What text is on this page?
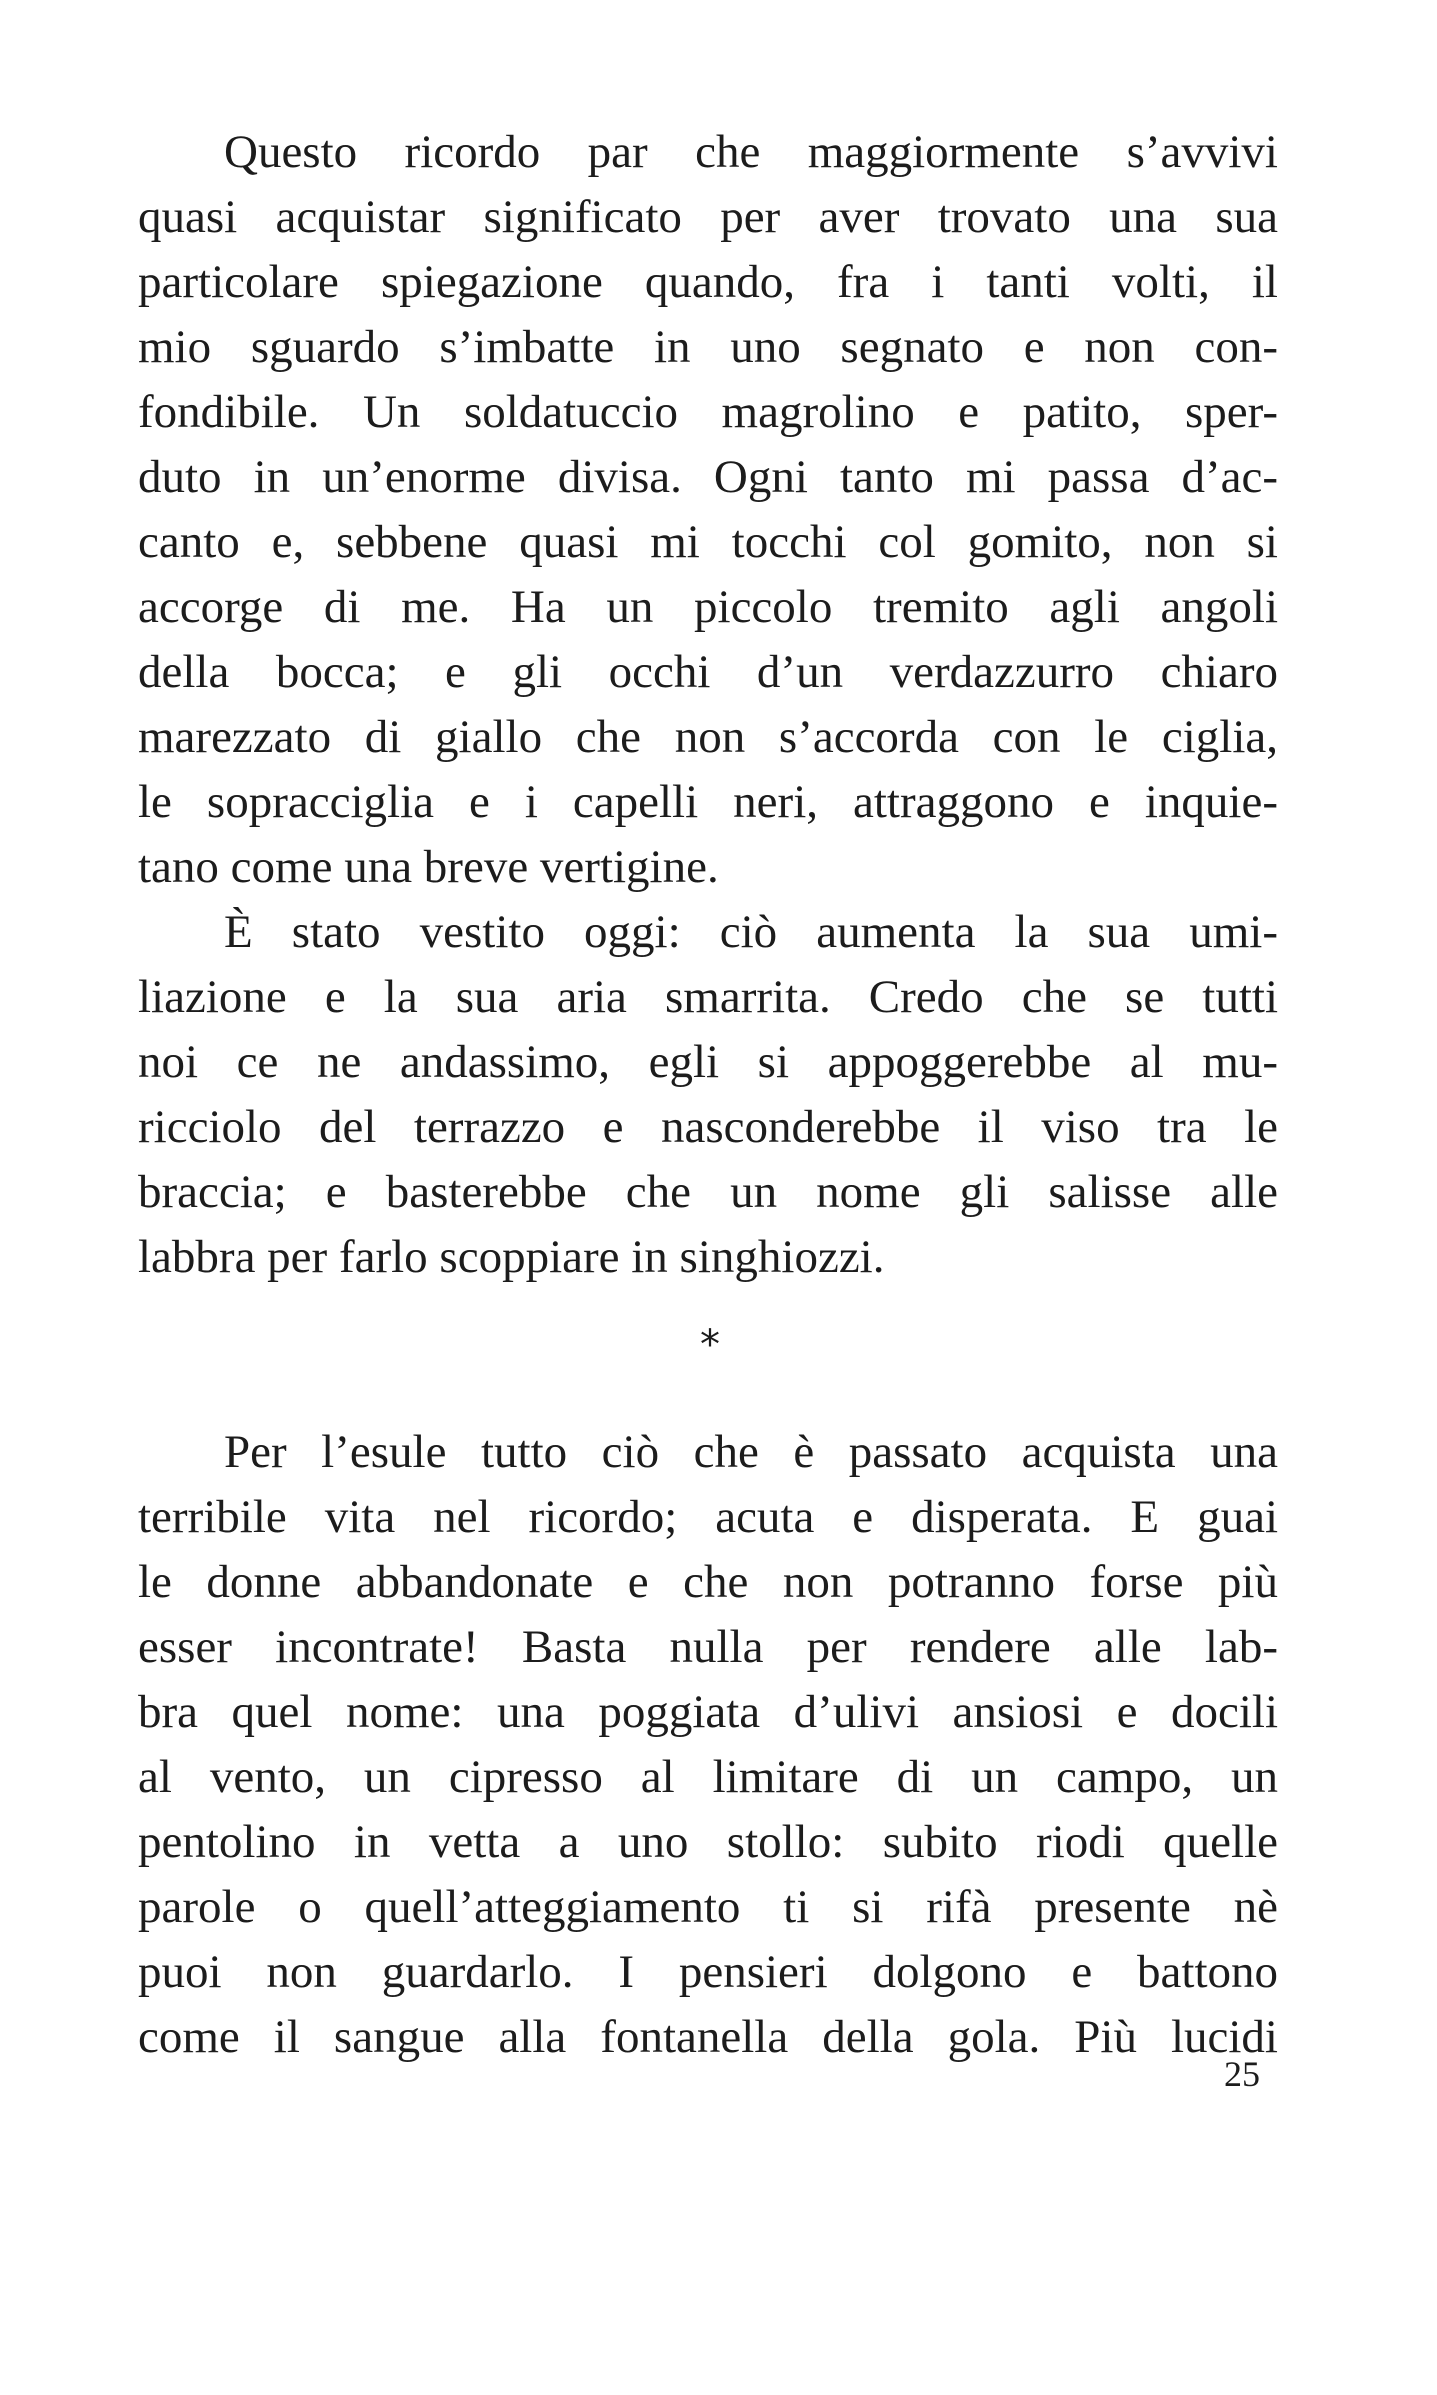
Questo ricordo par che maggiormente s’avvivi
quasi acquistar significato per aver trovato una sua
particolare spiegazione quando, fra i tanti volti, il
mio sguardo s’imbatte in uno segnato e non con-
fondibile. Un soldatuccio magrolino e patito, sper-
duto in un’enorme divisa. Ogni tanto mi passa d’ac-
canto e, sebbene quasi mi tocchi col gomito, non si
accorge di me. Ha un piccolo tremito agli angoli
della bocca; e gli occhi d’un verdazzurro chiaro
marezzato di giallo che non s’accorda con le ciglia,
le sopracciglia e i capelli neri, attraggono e inquie-
tano come una breve vertigine.
È stato vestito oggi: ciò aumenta la sua umi-
liazione e la sua aria smarrita. Credo che se tutti
noi ce ne andassimo, egli si appoggerebbe al mu-
ricciolo del terrazzo e nasconderebbe il viso tra le
braccia; e basterebbe che un nome gli salisse alle
labbra per farlo scoppiare in singhiozzi.
*
Per l’esule tutto ciò che è passato acquista una
terribile vita nel ricordo; acuta e disperata. E guai
le donne abbandonate e che non potranno forse più
esser incontrate! Basta nulla per rendere alle lab-
bra quel nome: una poggiata d’ulivi ansiosi e docili
al vento, un cipresso al limitare di un campo, un
pentolino in vetta a uno stollo: subito riodi quelle
parole o quell’atteggiamento ti si rifà presente nè
puoi non guardarlo. I pensieri dolgono e battono
come il sangue alla fontanella della gola. Più lucidi
25
